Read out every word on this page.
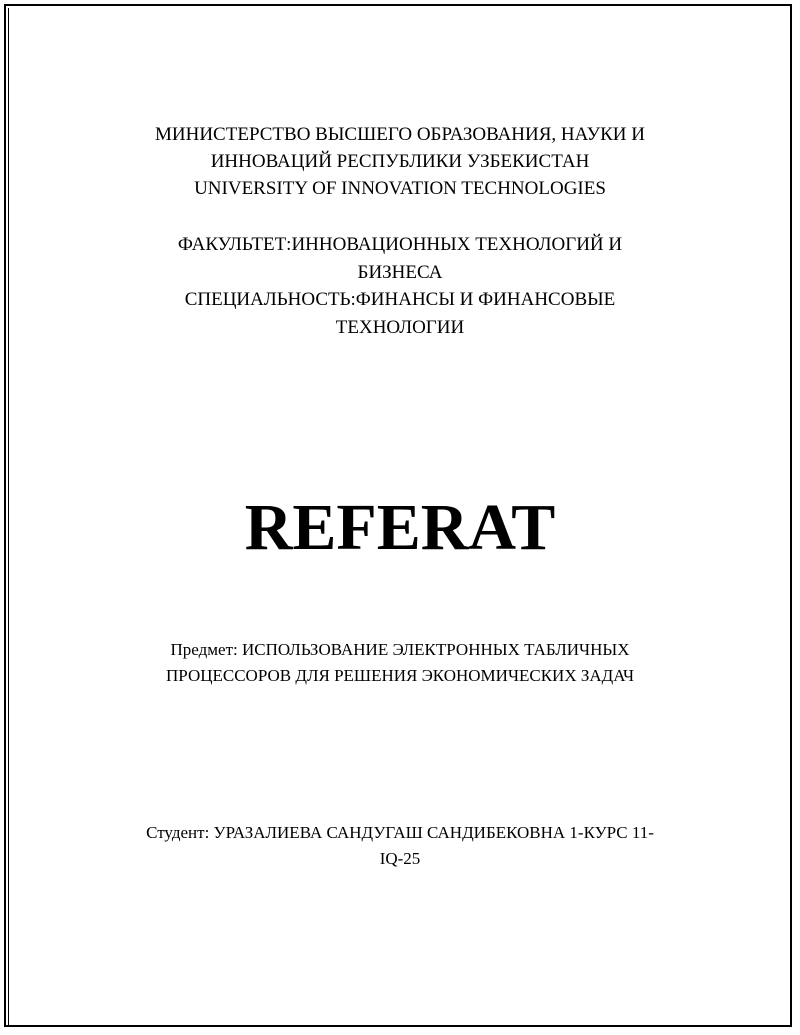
МИНИСТЕРСТВО ВЫСШЕГО ОБРАЗОВАНИЯ, НАУКИ И
ИННОВАЦИЙ РЕСПУБЛИКИ УЗБЕКИСТАН
UNIVERSITY OF INNOVATION TECHNOLOGIES
ФАКУЛЬТЕТ:ИННОВАЦИОННЫХ ТЕХНОЛОГИЙ И
БИЗНЕСА
СПЕЦИАЛЬНОСТЬ:ФИНАНСЫ И ФИНАНСОВЫЕ
ТЕХНОЛОГИИ
REFERAT
Предмет: ИСПОЛЬЗОВАНИЕ ЭЛЕКТРОННЫХ ТАБЛИЧНЫХ
ПРОЦЕССОРОВ ДЛЯ РЕШЕНИЯ ЭКОНОМИЧЕСКИХ ЗАДАЧ
Студент: УРАЗАЛИЕВА САНДУГАШ САНДИБЕКОВНА 1-КУРС 11-
IQ-25
